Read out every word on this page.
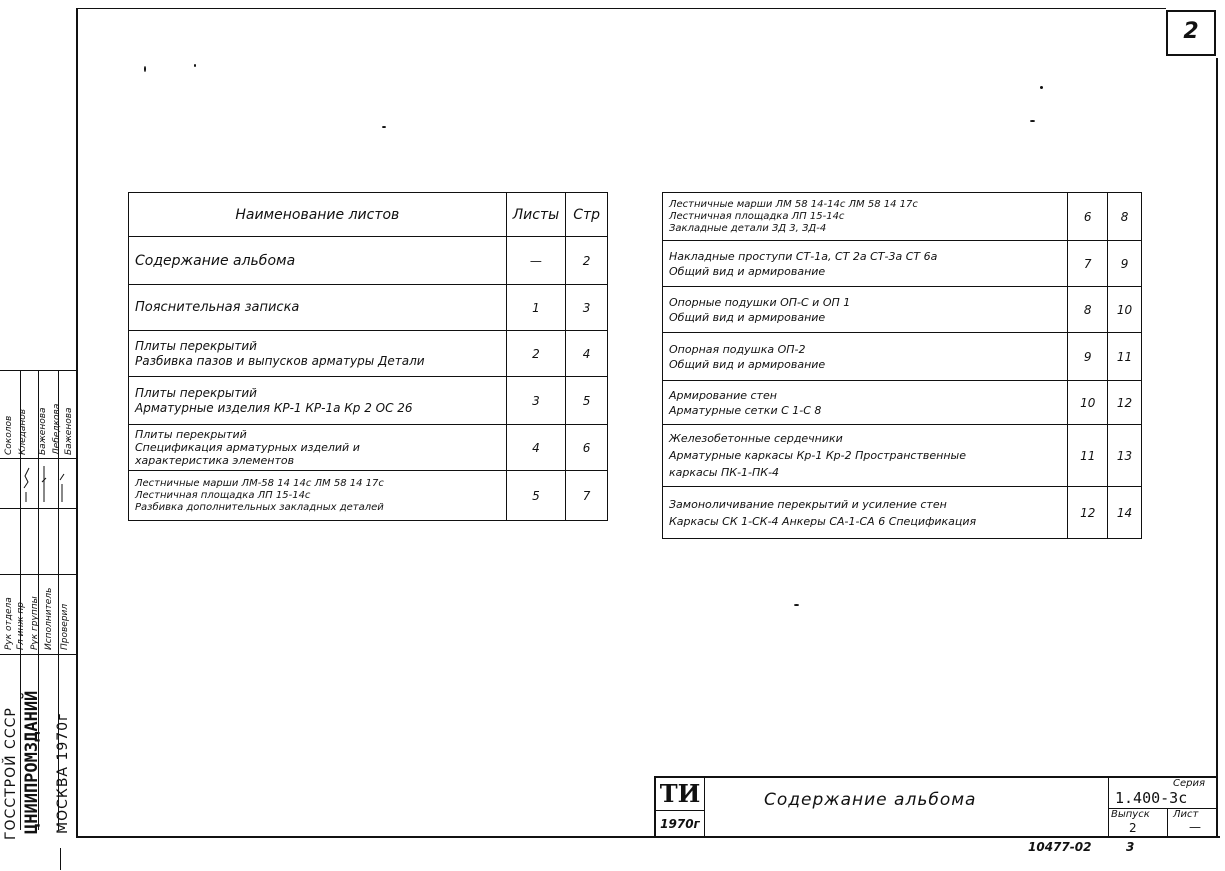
2
Соколов Кледанов Баженова Лебедкова Баженова
Рук отдела Гл инж пр Рук группы Исполнитель Проверил
ГОССТРОЙ СССР ЦНИИПРОМЗДАНИЙ МОСКВА 1970г
Наименование листов	Листы	Стр

Содержание альбома	—	2

Пояснительная записка	1	3

Плиты перекрытий
Разбивка пазов и выпусков арматуры Детали	2	4

Плиты перекрытий
Арматурные изделия КР-1 КР-1а Кр 2 ОС 26	3	5

Плиты перекрытий
Спецификация арматурных изделий и
характеристика элементов	4	6

Лестничные марши ЛМ-58 14 14с ЛМ 58 14 17с
Лестничная площадка ЛП 15-14с
Разбивка дополнительных закладных деталей	5	7
Лестничные марши ЛМ 58 14-14с ЛМ 58 14 17с
Лестничная площадка ЛП 15-14с
Закладные детали ЗД 3, ЗД-4	6	8

Накладные проступи СТ-1а, СТ 2а СТ-3а СТ 6а
Общий вид и армирование	7	9

Опорные подушки ОП-С и ОП 1
Общий вид и армирование	8	10

Опорная подушка ОП-2
Общий вид и армирование	9	11

Армирование стен
Арматурные сетки С 1-С 8	10	12

Железобетонные сердечники
Арматурные каркасы Кр-1 Кр-2 Пространственные
каркасы ПК-1-ПК-4	11	13

Замоноличивание перекрытий и усиление стен
Каркасы СК 1-СК-4 Анкеры СА-1-СА 6 Спецификация	12	14
ТИ
1970г
Содержание альбома
Серия
1.400-3с
Выпуск Лист
2	—
10477-02	3
